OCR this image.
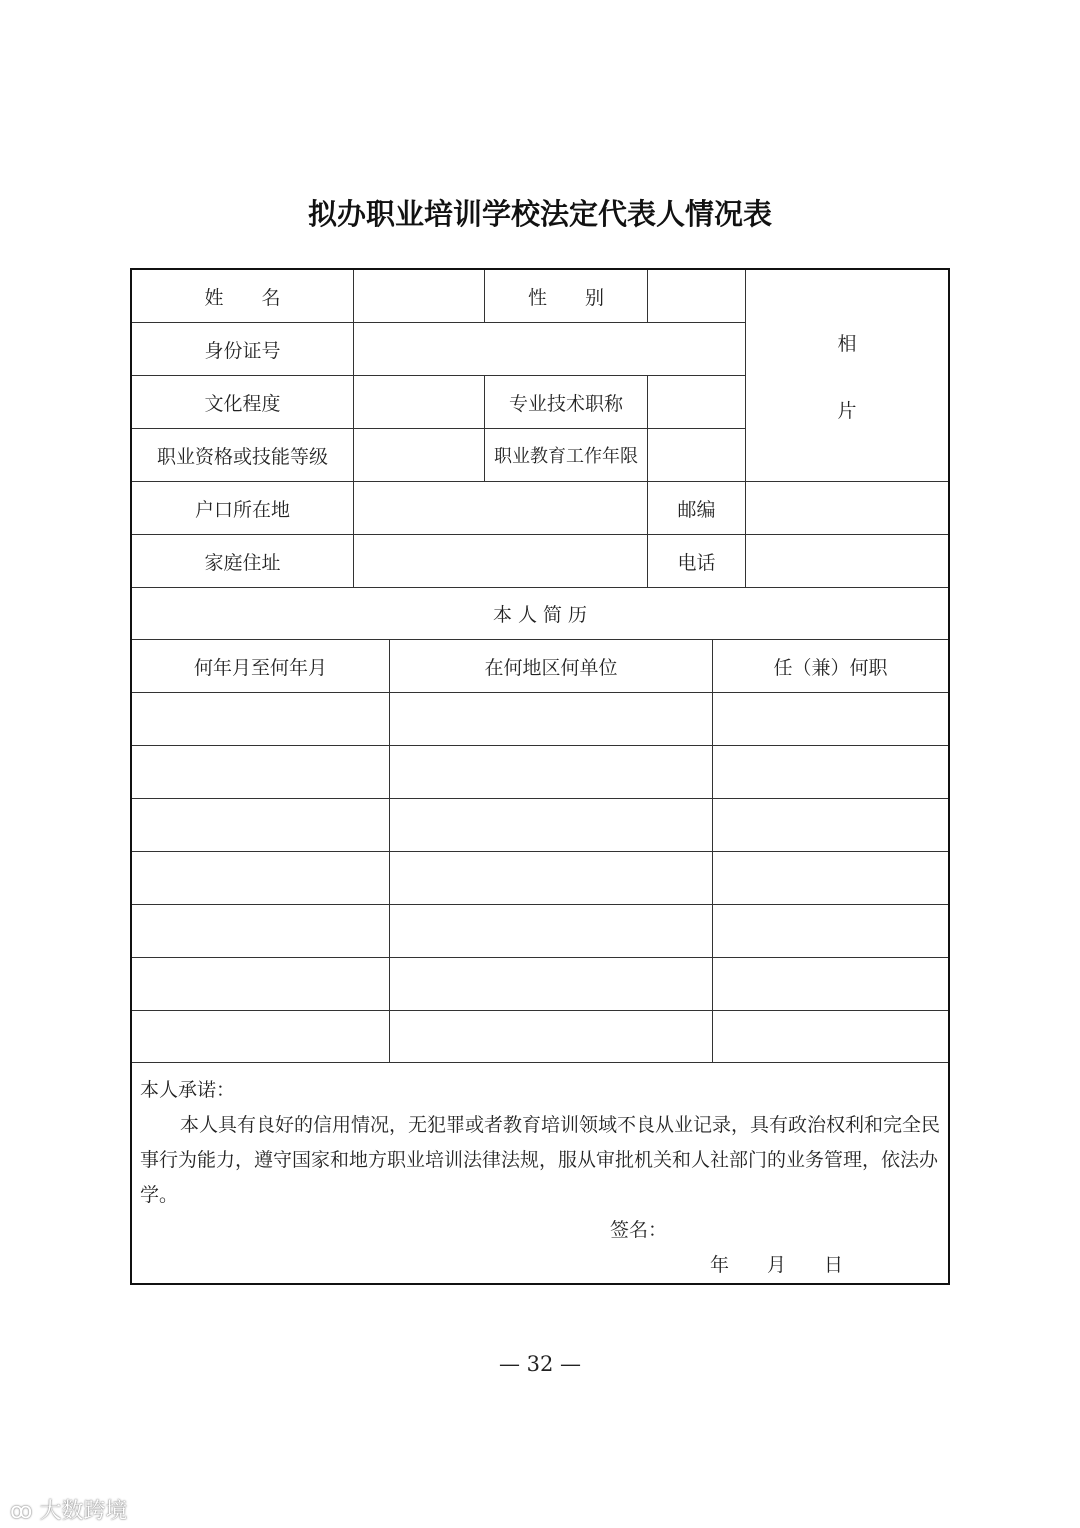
拟办职业培训学校法定代表人情况表
姓　　名	性　　别
相
片
身份证号
文化程度	专业技术职称
职业资格或技能等级	职业教育工作年限
户口所在地	邮编
家庭住址	电话
本 人 简 历
何年月至何年月	在何地区何单位	任（兼）何职

本人承诺：

本人具有良好的信用情况，无犯罪或者教育培训领域不良从业记录，具有政治权利和完全民事行为能力，遵守国家和地方职业培训法律法规，服从审批机关和人社部门的业务管理，依法办学。

签名：

年　　月　　日

— 32 —
ꝏ 大数跨境
